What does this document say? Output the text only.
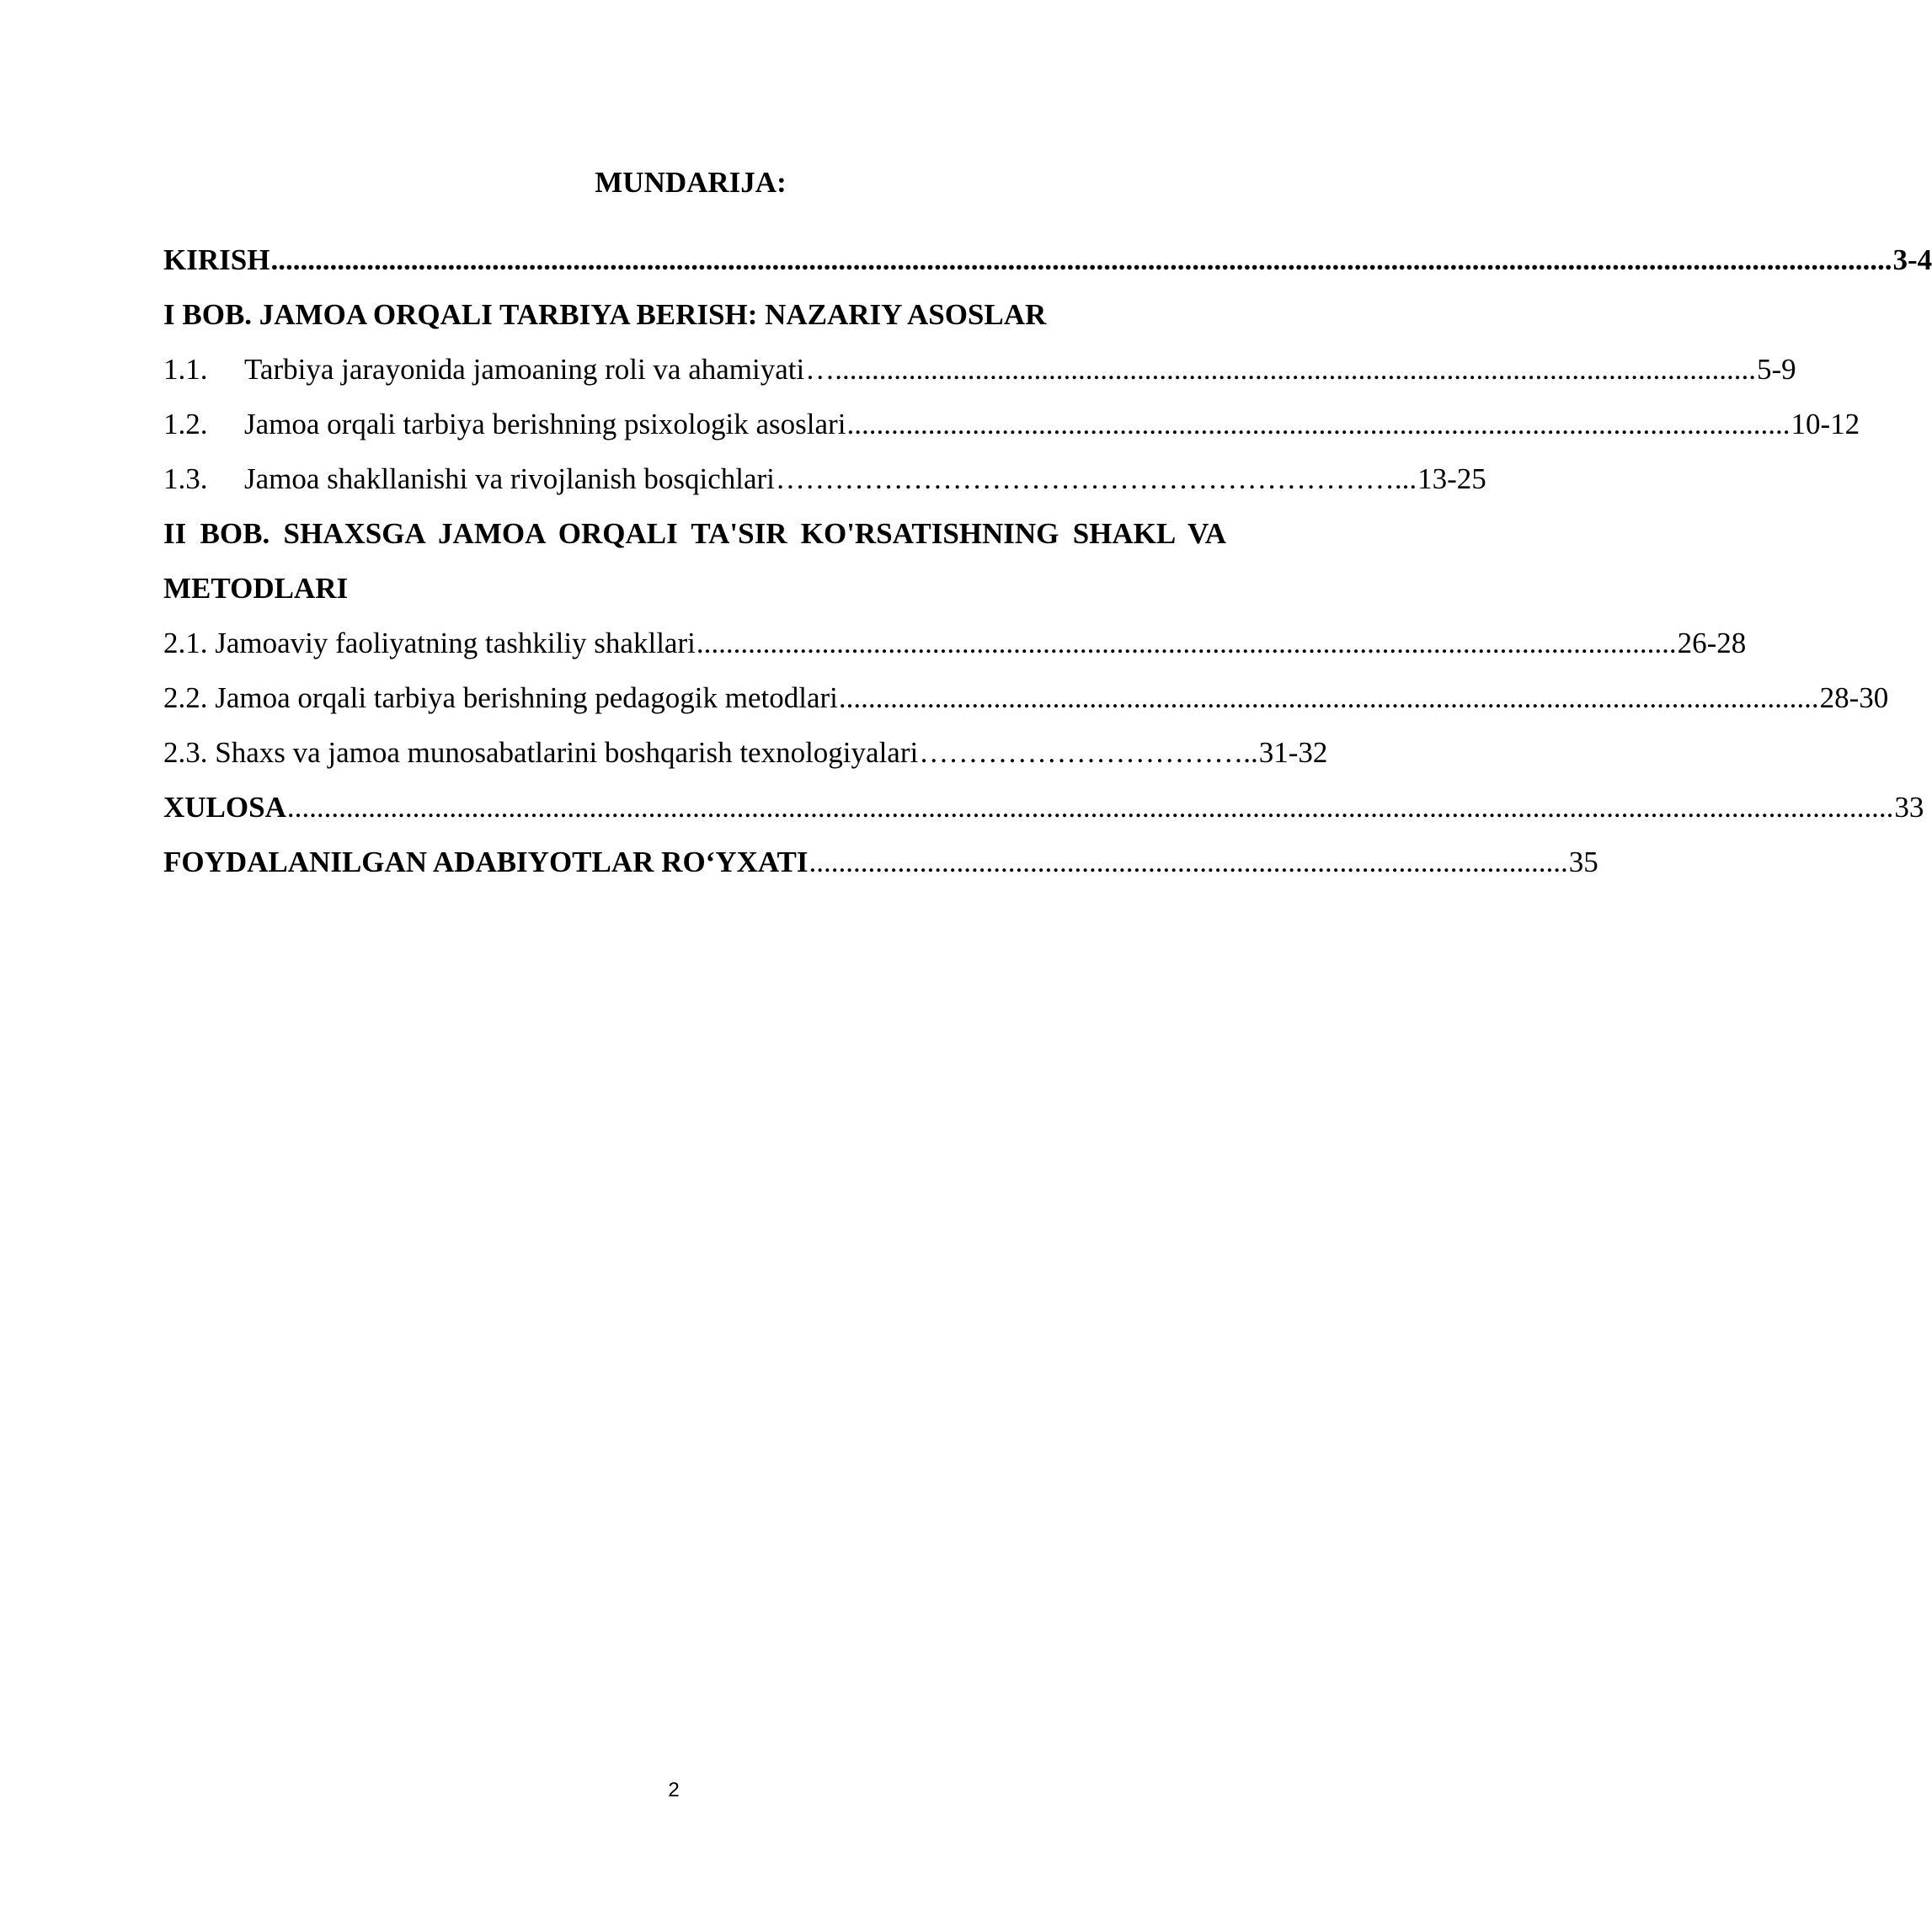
MUNDARIJA:
KIRISH ............................................................................................................................................................................................................................ 3-4
I BOB. JAMOA ORQALI TARBIYA BERISH: NAZARIY ASOSLAR
1.1.	Tarbiya jarayonida jamoaning roli va ahamiyati …............................................................................................................................. 5-9
1.2.	Jamoa orqali tarbiya berishning psixologik asoslari ................................................................................................................................ 10-12
1.3.	Jamoa shakllanishi va rivojlanish bosqichlari ………………………………………………………... 13-25
II BOB. SHAXSGA JAMOA ORQALI TA'SIR KO'RSATISHNING SHAKL VA METODLARI
2.1. Jamoaviy faoliyatning tashkiliy shakllari ..................................................................................................................................... 26-28
2.2. Jamoa orqali tarbiya berishning pedagogik metodlari ..................................................................................................................................... 28-30
2.3. Shaxs va jamoa munosabatlarini boshqarish texnologiyalari …………………………….. 31-32
XULOSA .......................................................................................................................................................................................................................... 33
FOYDALANILGAN ADABIYOTLAR RO‘YXATI ....................................................................................................... 35
2
